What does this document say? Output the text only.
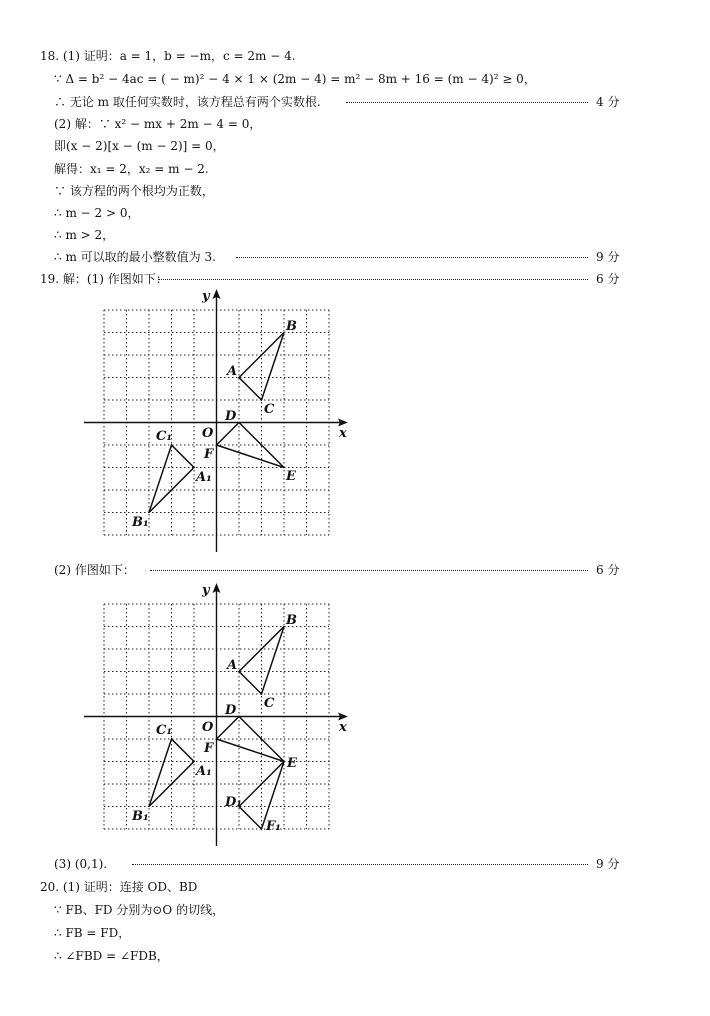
18. (1) 证明：a = 1，b = −m，c = 2m − 4.
∵ Δ = b² − 4ac = ( − m)² − 4 × 1 × (2m − 4) = m² − 8m + 16 = (m − 4)² ≥ 0，
∴ 无论 m 取任何实数时，该方程总有两个实数根.	4 分
(2) 解：∵ x² − mx + 2m − 4 = 0，
即(x − 2)[x − (m − 2)] = 0，
解得：x₁ = 2，x₂ = m − 2.
∵ 该方程的两个根均为正数，
∴ m − 2 > 0，
∴ m > 2，
∴ m 可以取的最小整数值为 3.	9 分
19. 解：(1) 作图如下：	6 分
y
x
O
A
B
C
D
E
F
C₁
A₁
B₁
(2) 作图如下：	6 分
y
x
O
A
B
C
D
E
F
C₁
A₁
B₁
D₁
F₁
(3) (0,1).	9 分
20. (1) 证明：连接 OD、BD
∵ FB、FD 分别为⊙O 的切线，
∴ FB = FD，
∴ ∠FBD = ∠FDB，
